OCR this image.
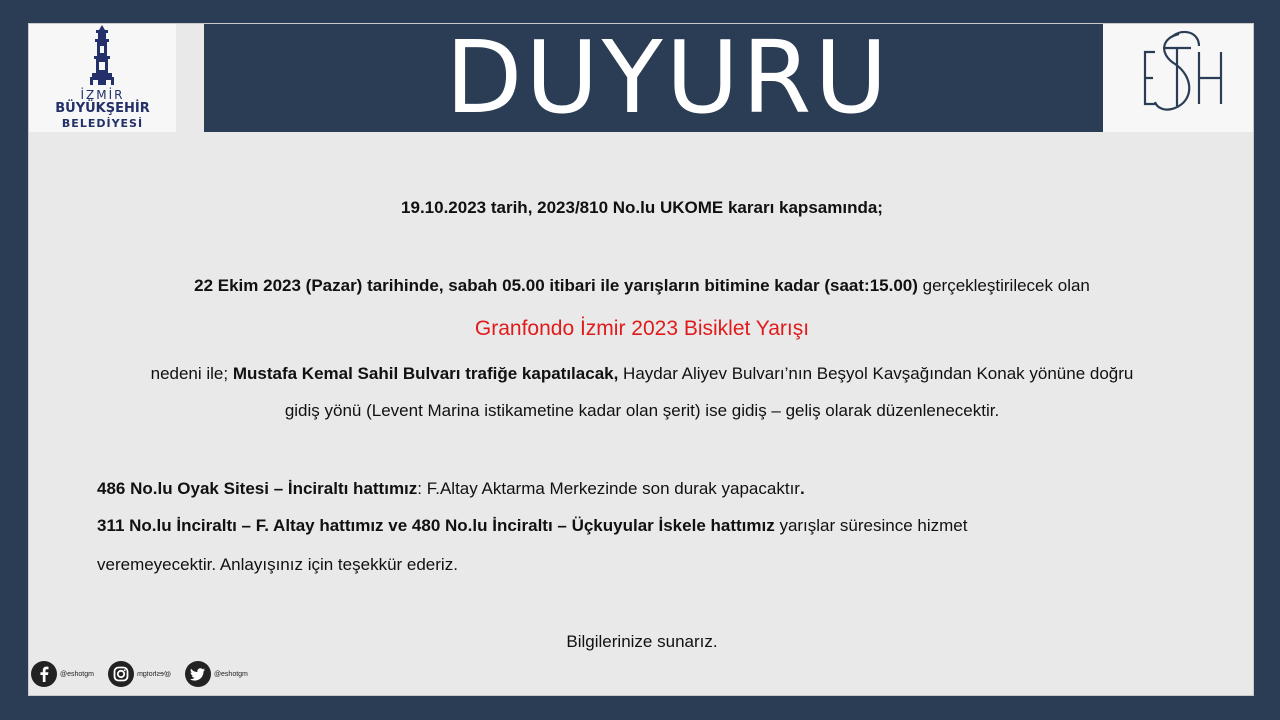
İZMİR
BÜYÜKŞEHİR
BELEDİYESİ	DUYURU
19.10.2023 tarih, 2023/810 No.lu UKOME kararı kapsamında;
22 Ekim 2023 (Pazar) tarihinde, sabah 05.00 itibari ile yarışların bitimine kadar (saat:15.00) gerçekleştirilecek olan
Granfondo İzmir 2023 Bisiklet Yarışı
nedeni ile; Mustafa Kemal Sahil Bulvarı trafiğe kapatılacak, Haydar Aliyev Bulvarı’nın Beşyol Kavşağından Konak yönüne doğru
gidiş yönü (Levent Marina istikametine kadar olan şerit) ise gidiş – geliş olarak düzenlenecektir.
486 No.lu Oyak Sitesi – İnciraltı hattımız: F.Altay Aktarma Merkezinde son durak yapacaktır.
311 No.lu İnciraltı – F. Altay hattımız ve 480 No.lu İnciraltı – Üçkuyular İskele hattımız yarışlar süresince hizmet
veremeyecektir. Anlayışınız için teşekkür ederiz.
Bilgilerinize sunarız.
@eshotgm	@eshotgm	@eshotgm
